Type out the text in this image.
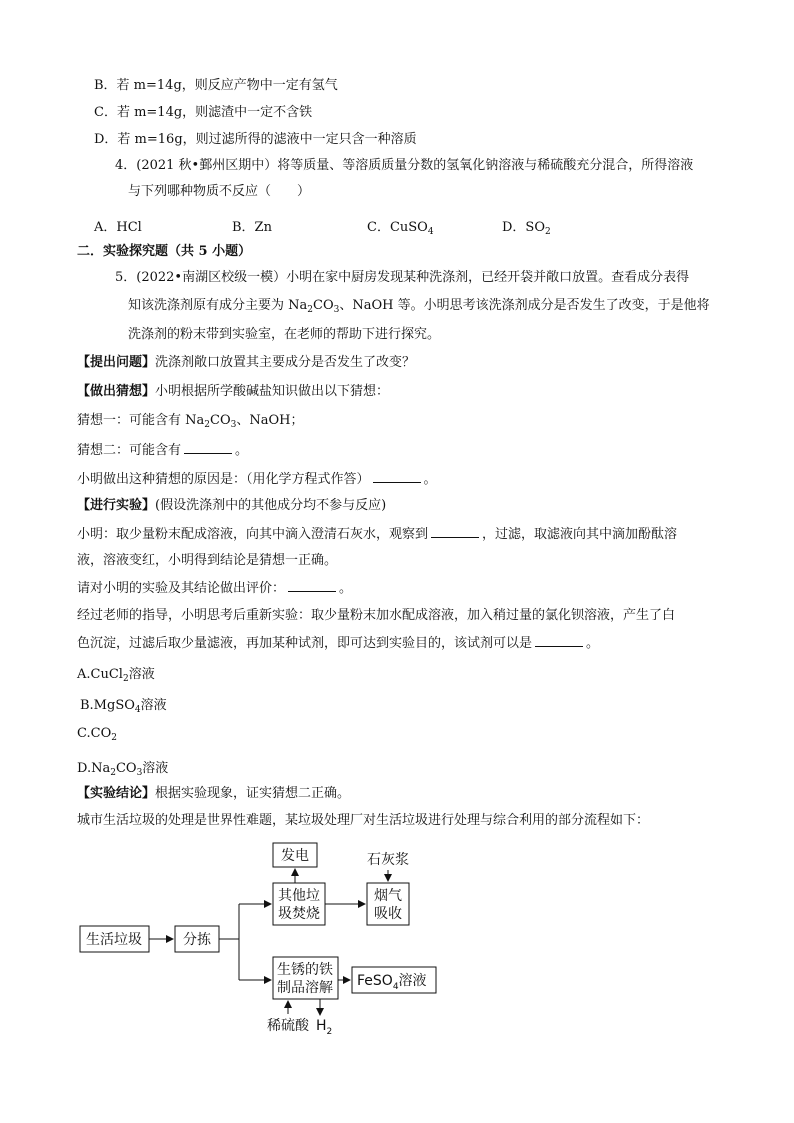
B．若 m=14g，则反应产物中一定有氢气
C．若 m=14g，则滤渣中一定不含铁
D．若 m=16g，则过滤所得的滤液中一定只含一种溶质
4．(2021 秋•鄞州区期中）将等质量、等溶质质量分数的氢氧化钠溶液与稀硫酸充分混合，所得溶液
与下列哪种物质不反应（　　）
A．HCl	B．Zn	C．CuSO$_4$	D．$SO_2$
二．实验探究题（共 5 小题）
5．(2022•南湖区校级一模）小明在家中厨房发现某种洗涤剂，已经开袋并敞口放置。查看成分表得
知该洗涤剂原有成分主要为 $Na_2CO_3$、NaOH 等。小明思考该洗涤剂成分是否发生了改变，于是他将
洗涤剂的粉末带到实验室，在老师的帮助下进行探究。
【提出问题】洗涤剂敞口放置其主要成分是否发生了改变？
【做出猜想】小明根据所学酸碱盐知识做出以下猜想：
猜想一：可能含有 $Na_2CO_3$、NaOH；
猜想二：可能含有	。
小明做出这种猜想的原因是：（用化学方程式作答）	。
【进行实验】(假设洗涤剂中的其他成分均不参与反应)
小明：取少量粉末配成溶液，向其中滴入澄清石灰水，观察到	，过滤，取滤液向其中滴加酚酞溶
液，溶液变红，小明得到结论是猜想一正确。
请对小明的实验及其结论做出评价：	。
经过老师的指导，小明思考后重新实验：取少量粉末加水配成溶液，加入稍过量的氯化钡溶液，产生了白
色沉淀，过滤后取少量滤液，再加某种试剂，即可达到实验目的，该试剂可以是	。
A.CuCl$_2$溶液
B.MgSO$_4$溶液
$C.CO_2$
$D.Na_2CO_3$溶液
【实验结论】根据实验现象，证实猜想二正确。
城市生活垃圾的处理是世界性难题，某垃圾处理厂对生活垃圾进行处理与综合利用的部分流程如下：
生活垃圾	分拣
发电
其他垃
圾焚烧
烟气
吸收
石灰浆
生锈的铁
制品溶解 FeSO$_4$溶液
稀硫酸 $H_2$
